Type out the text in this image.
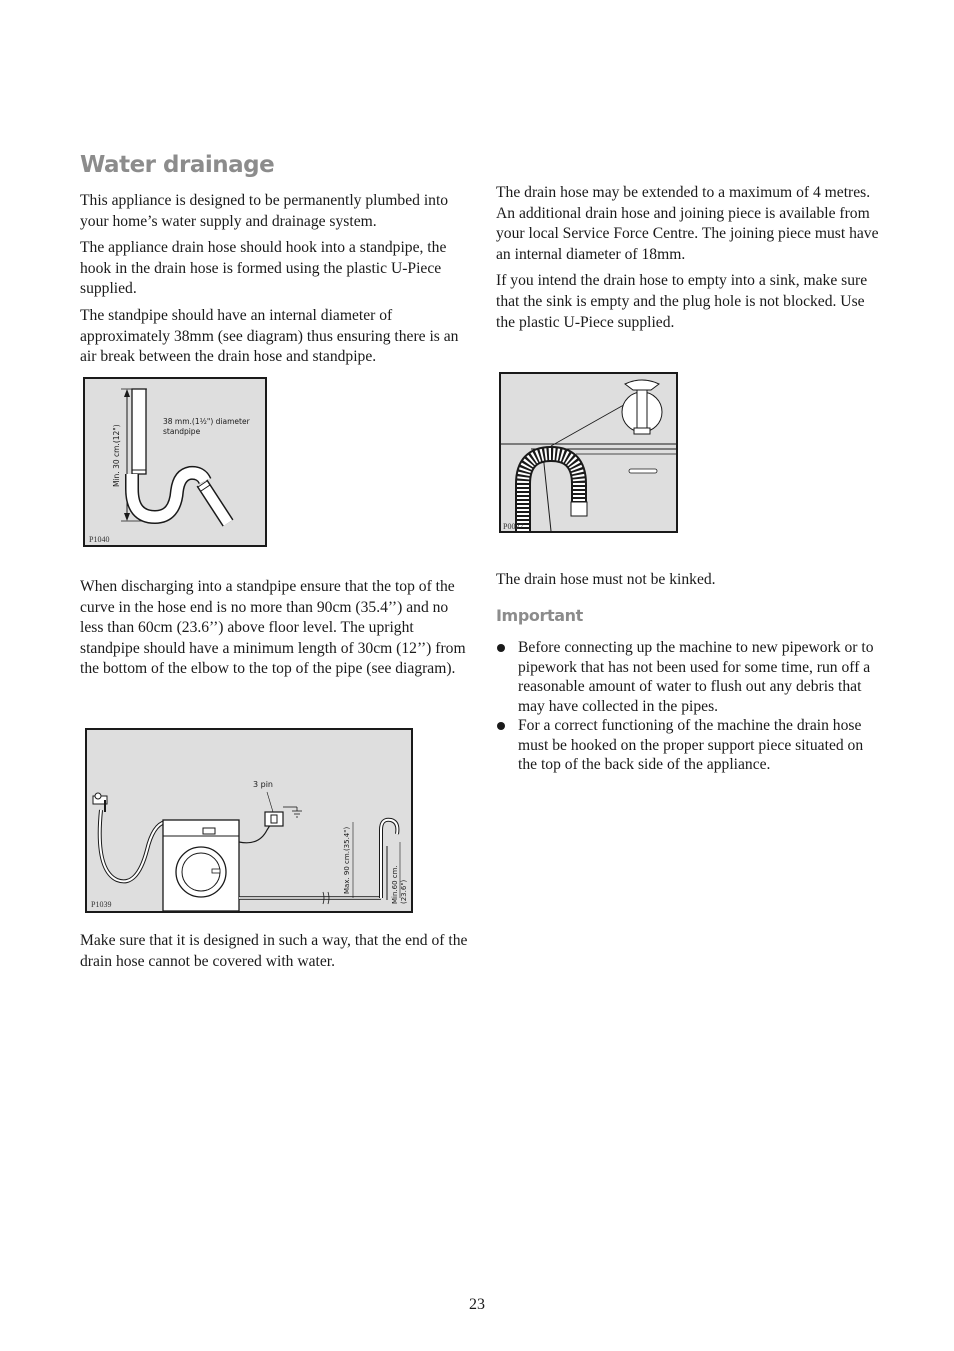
Water drainage

This appliance is designed to be permanently plumbed into your home’s water supply and drainage system.

The appliance drain hose should hook into a standpipe, the hook in the drain hose is formed using the plastic U-Piece supplied.

The standpipe should have an internal diameter of approximately 38mm (see diagram) thus ensuring there is an air break between the drain hose and standpipe.

38 mm.(1½") diameter
standpipe
Min. 30 cm.(12")
P1040

When discharging into a standpipe ensure that the top of the curve in the hose end is no more than 90cm (35.4’’) and no less than 60cm (23.6’’) above floor level. The upright standpipe should have a minimum length of 30cm (12’’) from the bottom of the elbow to the top of the pipe (see diagram).

3 pin
Max. 90 cm.(35.4")	Min.60 cm. (23.6")
P1039

Make sure that it is designed in such a way, that the end of the drain hose cannot be covered with water.

The drain hose may be extended to a maximum of 4 metres. An additional drain hose and joining piece is available from your local Service Force Centre. The joining piece must have an internal diameter of 18mm.

If you intend the drain hose to empty into a sink, make sure that the sink is empty and the plug hole is not blocked. Use the plastic U-Piece supplied.

P0027

The drain hose must not be kinked.

Important
Before connecting up the machine to new pipework or to pipework that has not been used for some time, run off a reasonable amount of water to flush out any debris that may have collected in the pipes.
For a correct functioning of the machine the drain hose must be hooked on the proper support piece situated on the top of the back side of the appliance.
23
